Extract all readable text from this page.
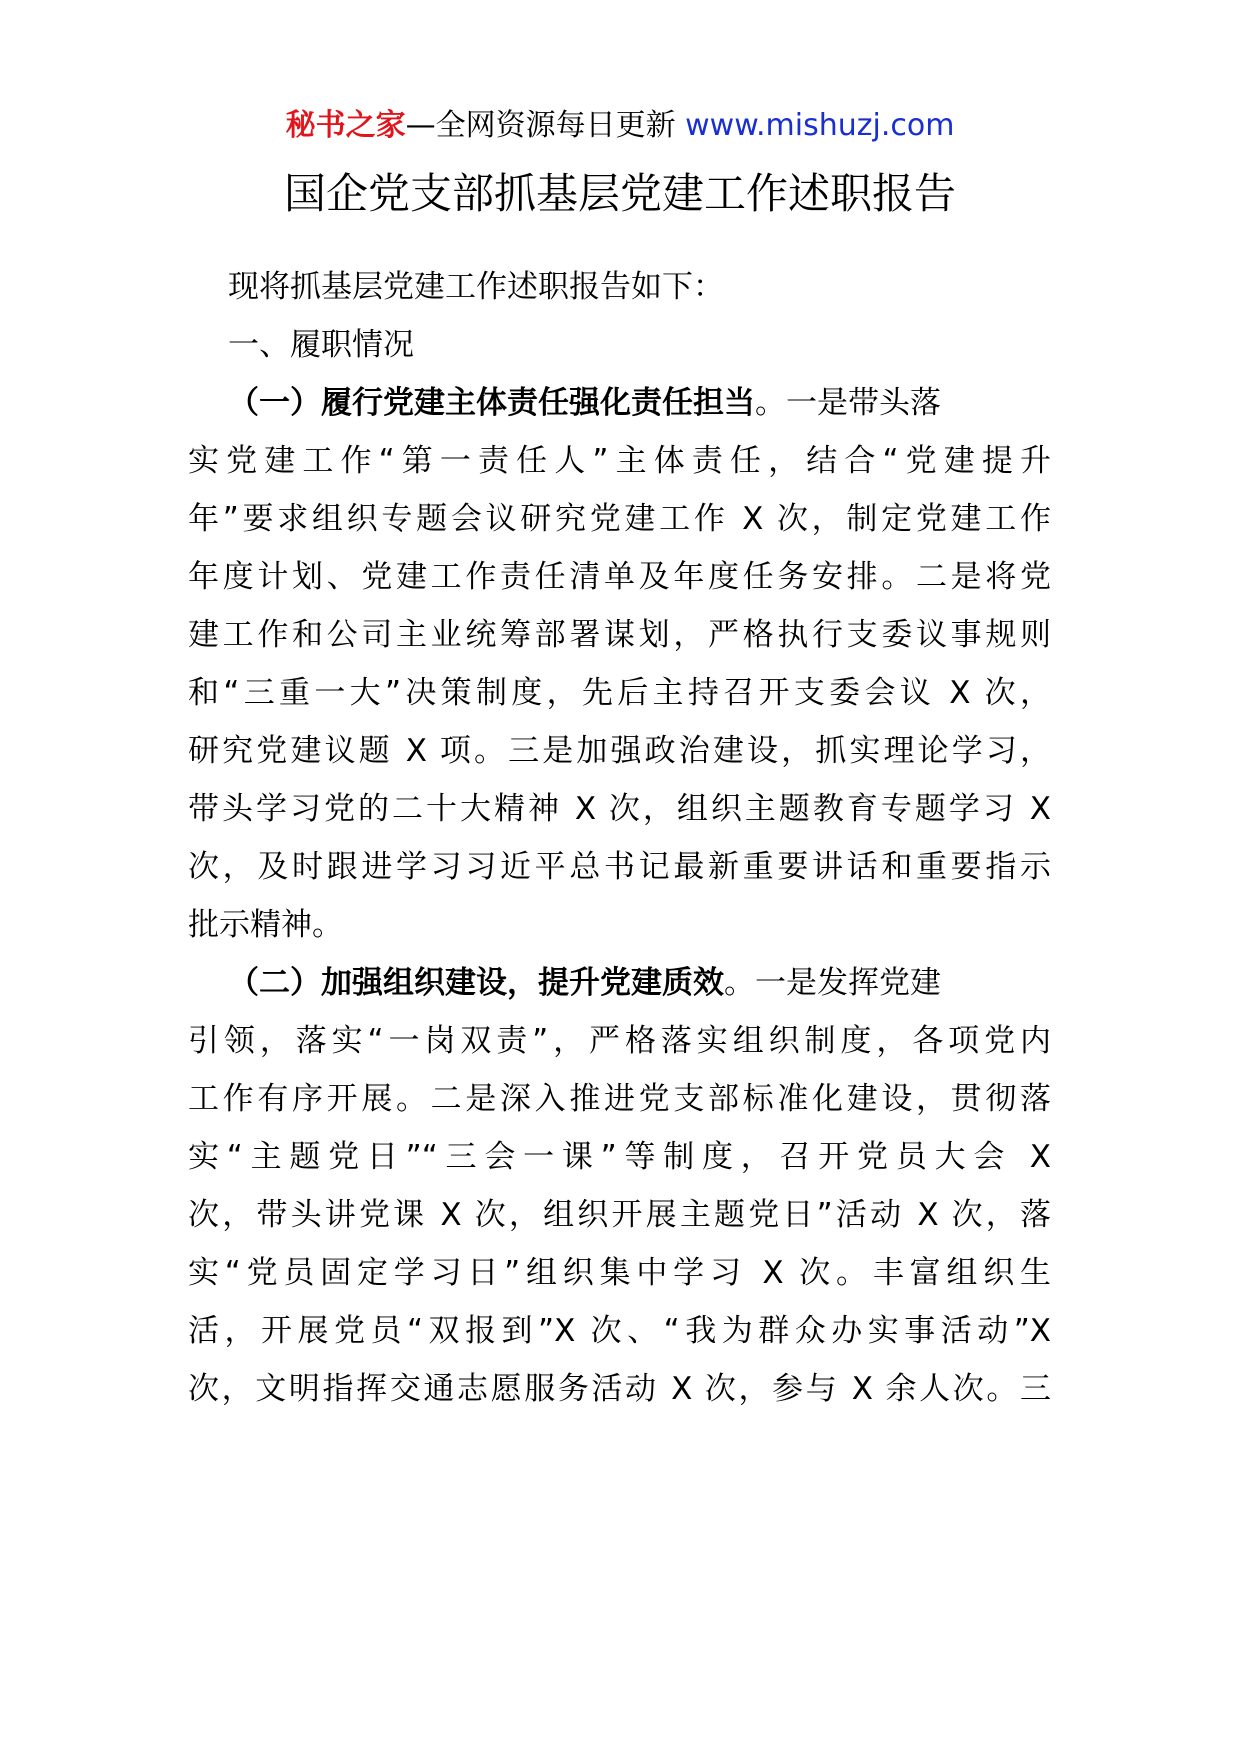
秘书之家—全网资源每日更新 www.mishuzj.com
国企党支部抓基层党建工作述职报告
现将抓基层党建工作述职报告如下：
一、履职情况
（一）履行党建主体责任强化责任担当。一是带头落
实党建工作“第一责任人”主体责任，结合“党建提升
年”要求组织专题会议研究党建工作 X 次，制定党建工作
年度计划、党建工作责任清单及年度任务安排。二是将党
建工作和公司主业统筹部署谋划，严格执行支委议事规则
和“三重一大”决策制度，先后主持召开支委会议 X 次，
研究党建议题 X 项。三是加强政治建设，抓实理论学习，
带头学习党的二十大精神 X 次，组织主题教育专题学习 X
次，及时跟进学习习近平总书记最新重要讲话和重要指示
批示精神。
（二）加强组织建设，提升党建质效。一是发挥党建
引领，落实“一岗双责”，严格落实组织制度，各项党内
工作有序开展。二是深入推进党支部标准化建设，贯彻落
实“主题党日”“三会一课”等制度，召开党员大会 X
次，带头讲党课 X 次，组织开展主题党日”活动 X 次，落
实“党员固定学习日”组织集中学习 X 次。丰富组织生
活，开展党员“双报到”X 次、“我为群众办实事活动”X
次，文明指挥交通志愿服务活动 X 次，参与 X 余人次。三
